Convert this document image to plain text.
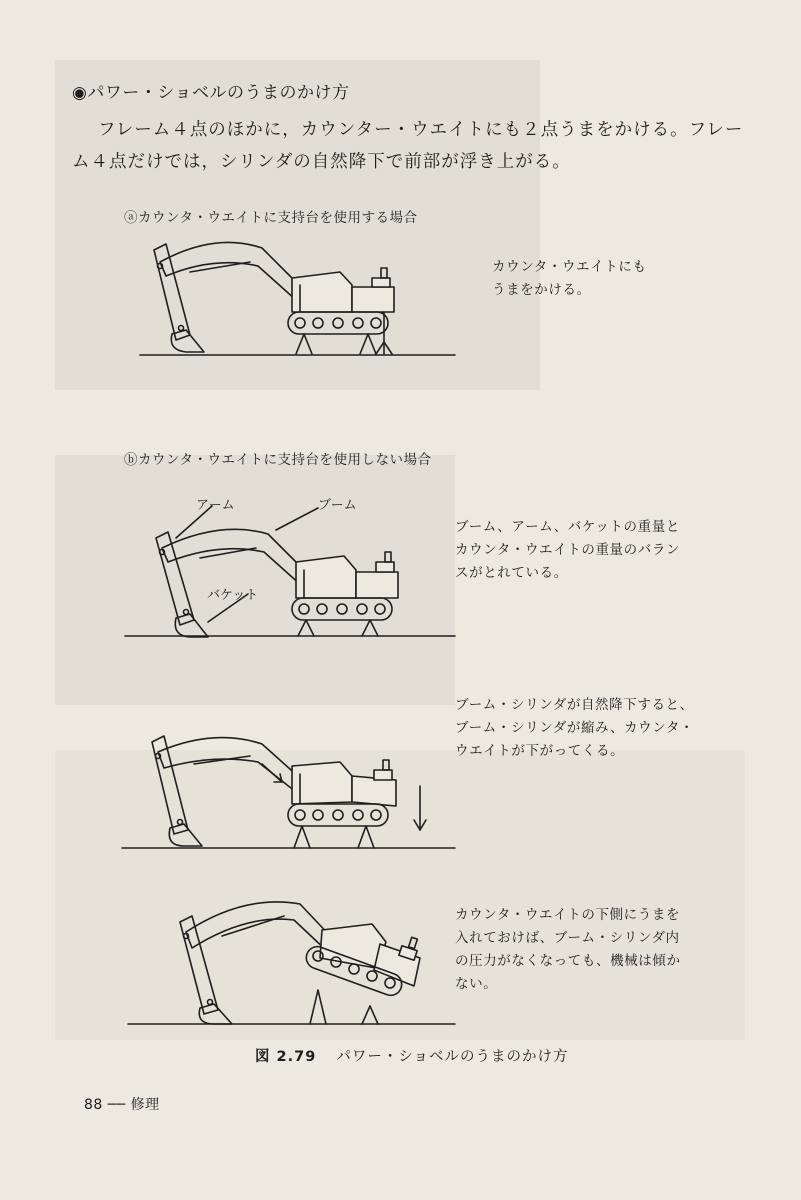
◉パワー・ショベルのうまのかけ方
フレーム４点のほかに，カウンター・ウエイトにも２点うまをかける。フレー
ム４点だけでは，シリンダの自然降下で前部が浮き上がる。
ⓐカウンタ・ウエイトに支持台を使用する場合
カウンタ・ウエイトにも
うまをかける。
ⓑカウンタ・ウエイトに支持台を使用しない場合
アーム	ブーム
バケット
ブーム、アーム、バケットの重量と
カウンタ・ウエイトの重量のバラン
スがとれている。
ブーム・シリンダが自然降下すると、
ブーム・シリンダが縮み、カウンタ・
ウエイトが下がってくる。
カウンタ・ウエイトの下側にうまを
入れておけば、ブーム・シリンダ内
の圧力がなくなっても、機械は傾か
ない。
図 2.79 パワー・ショベルのうまのかけ方
88 ── 修理
